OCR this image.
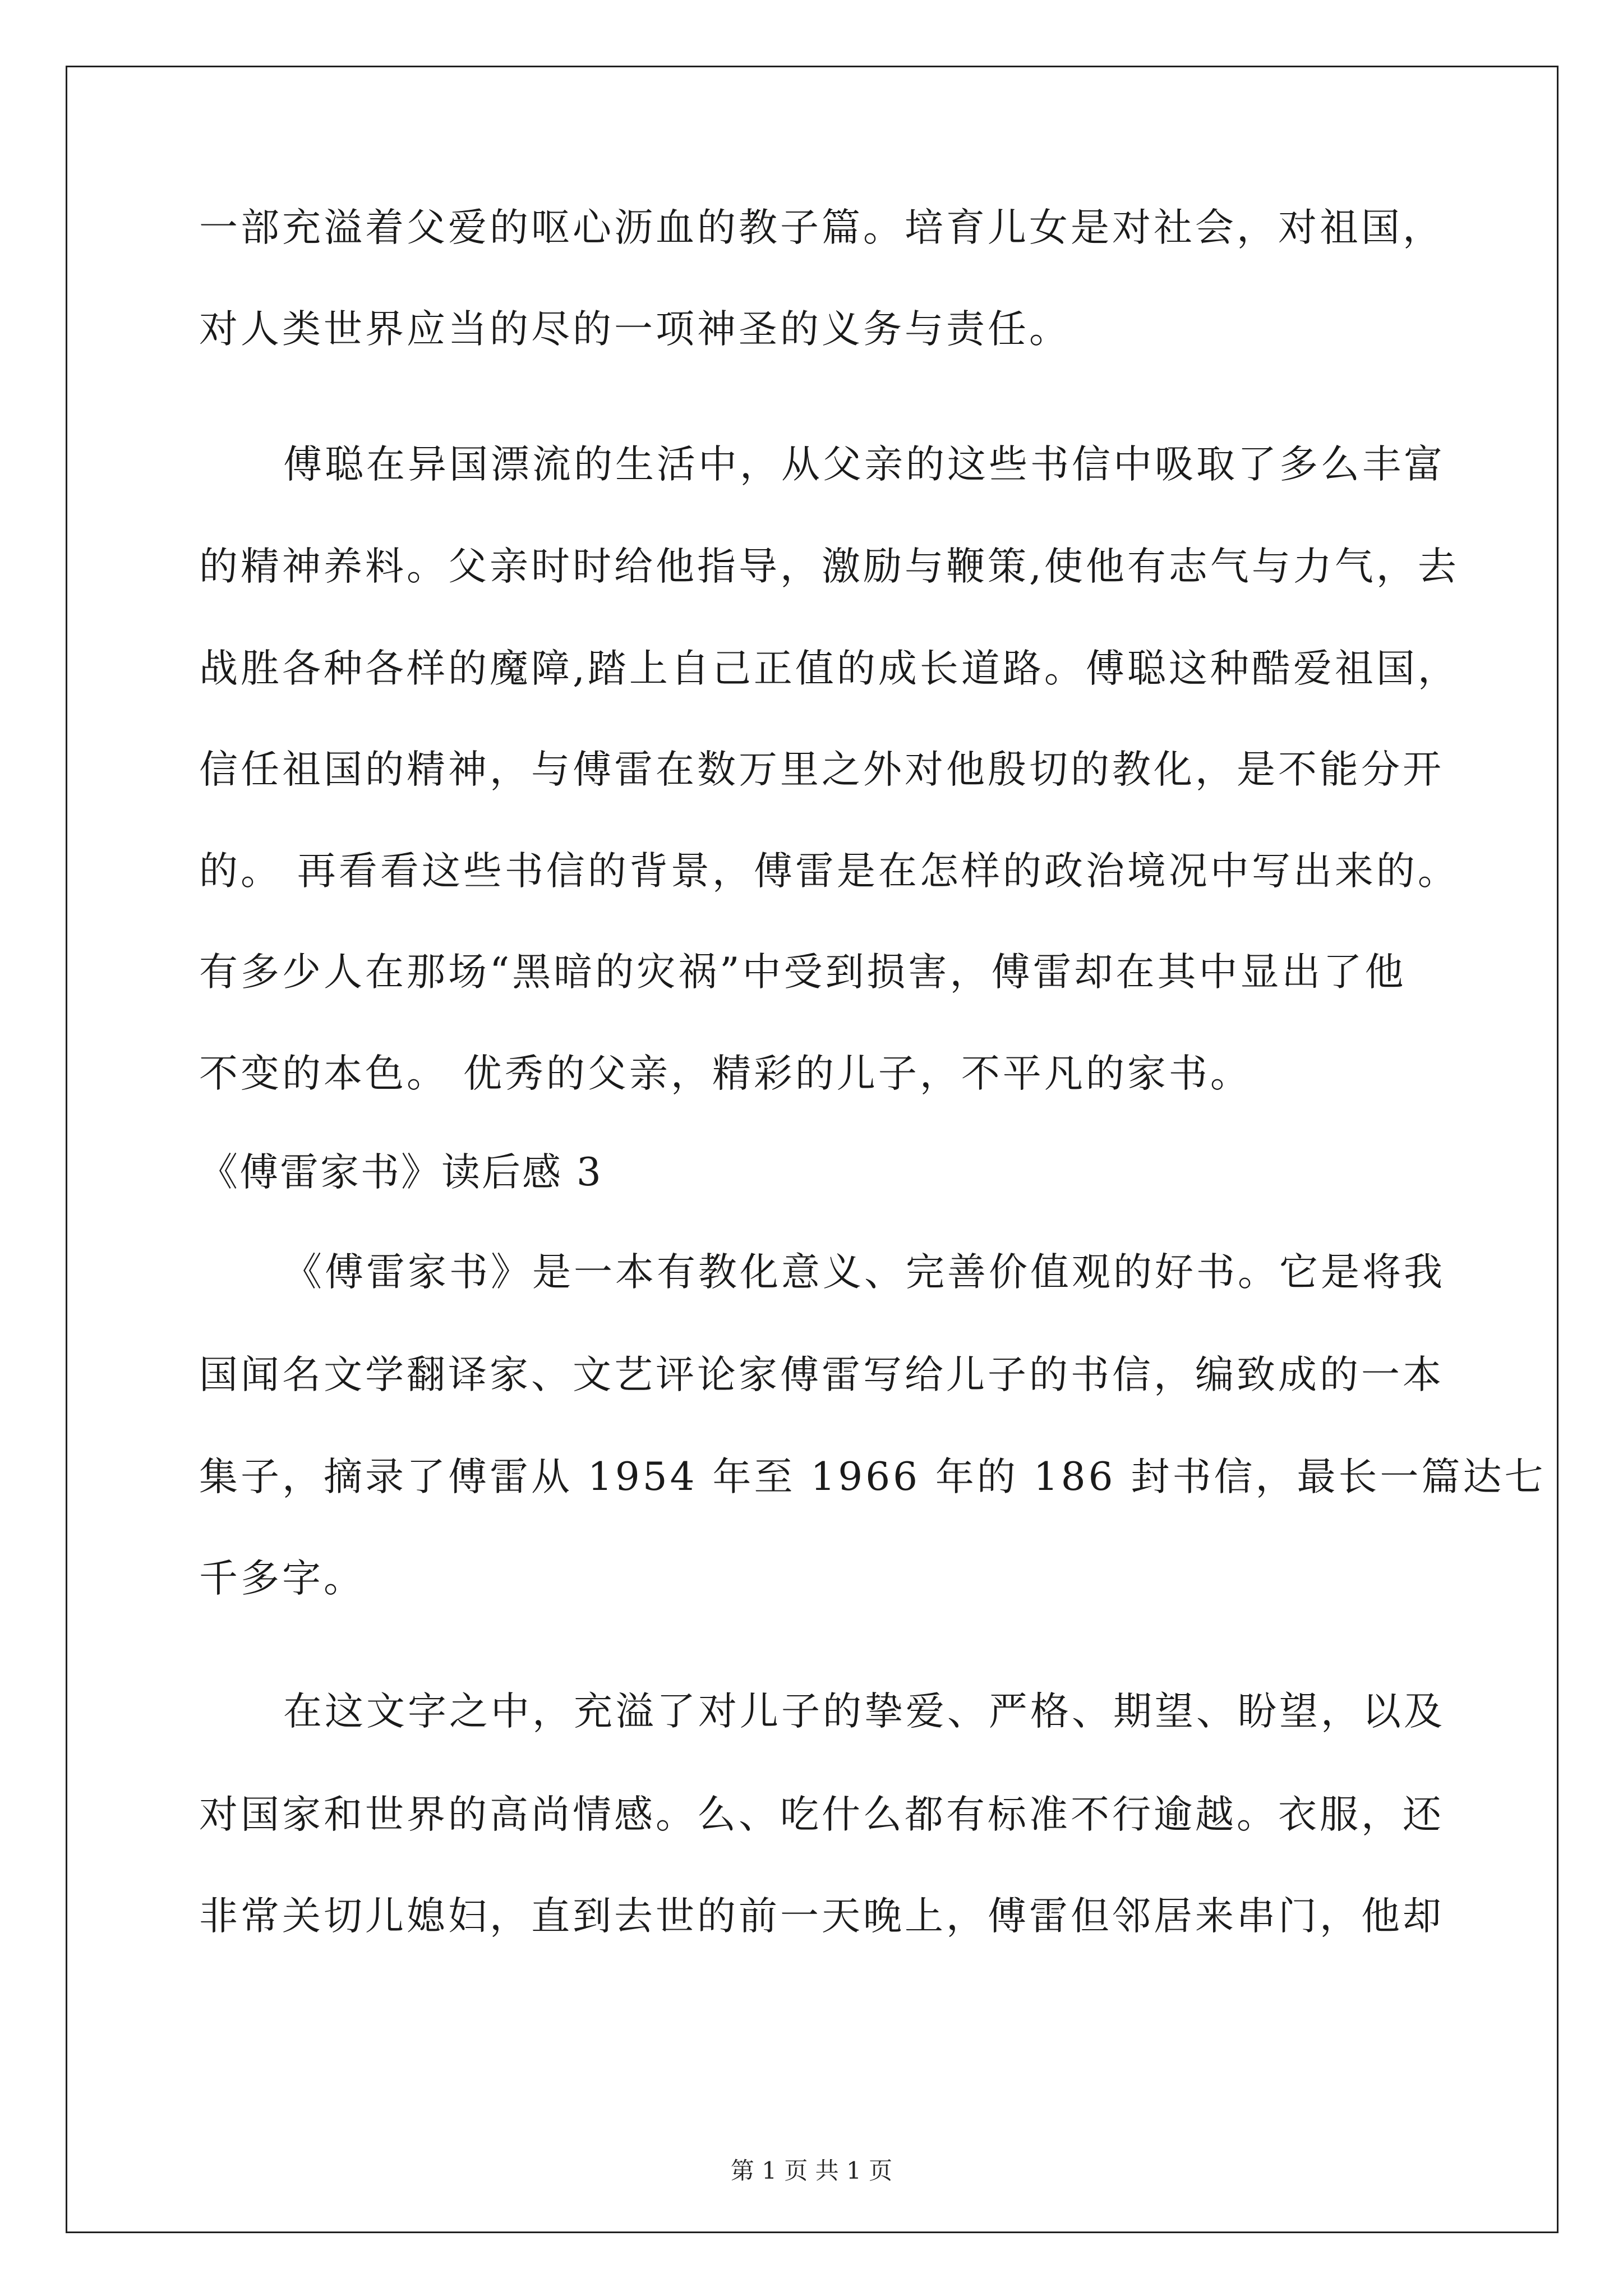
一部充溢着父爱的呕心沥血的教子篇。培育儿女是对社会，对祖国，
对人类世界应当的尽的一项神圣的义务与责任。
傅聪在异国漂流的生活中，从父亲的这些书信中吸取了多么丰富
的精神养料。父亲时时给他指导，激励与鞭策,使他有志气与力气，去
战胜各种各样的魔障,踏上自己正值的成长道路。傅聪这种酷爱祖国，
信任祖国的精神，与傅雷在数万里之外对他殷切的教化，是不能分开
的。 再看看这些书信的背景，傅雷是在怎样的政治境况中写出来的。
有多少人在那场“黑暗的灾祸”中受到损害，傅雷却在其中显出了他
不变的本色。 优秀的父亲，精彩的儿子，不平凡的家书。
《傅雷家书》读后感 3
《傅雷家书》是一本有教化意义、完善价值观的好书。它是将我
国闻名文学翻译家、文艺评论家傅雷写给儿子的书信，编致成的一本
集子，摘录了傅雷从 1954 年至 1966 年的 186 封书信，最长一篇达七
千多字。
在这文字之中，充溢了对儿子的挚爱、严格、期望、盼望，以及
对国家和世界的高尚情感。么、吃什么都有标准不行逾越。衣服，还
非常关切儿媳妇，直到去世的前一天晚上，傅雷但邻居来串门，他却
第 1 页 共 1 页
